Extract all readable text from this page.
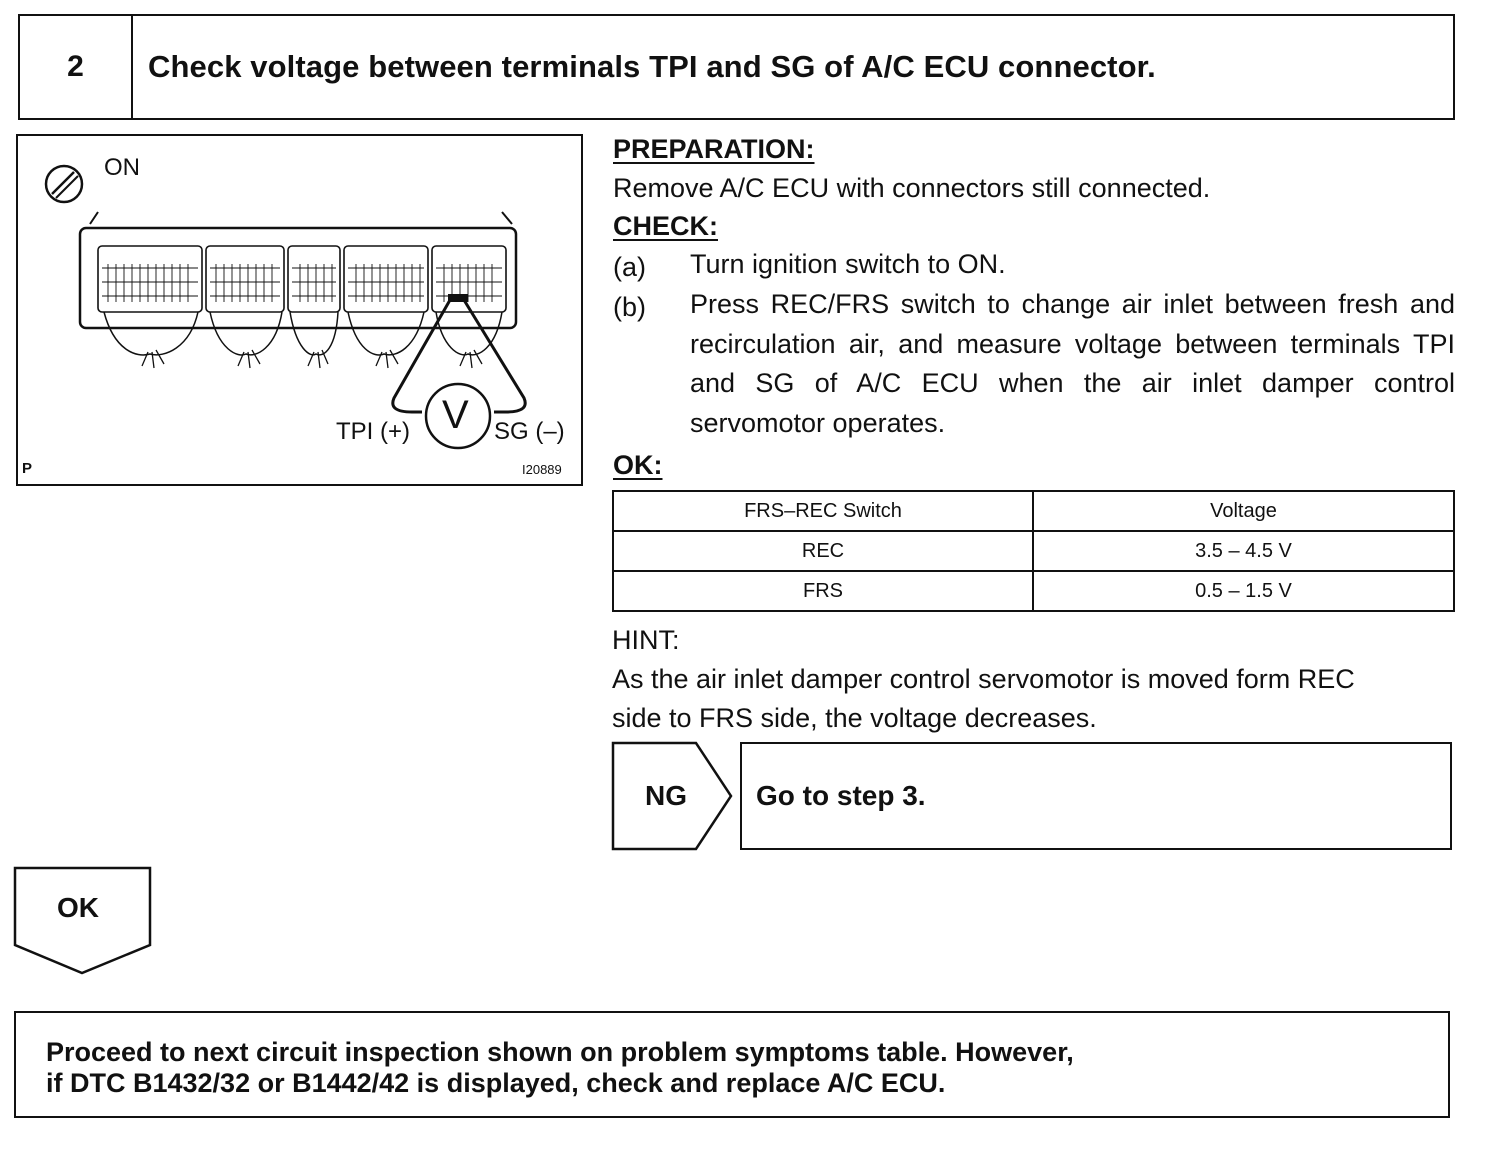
2	Check voltage between terminals TPI and SG of A/C ECU connector.
ON
V
TPI (+)	SG (–)
P	I20889
PREPARATION:
Remove A/C ECU with connectors still connected.
CHECK:
(a) Turn ignition switch to ON.
(b) Press REC/FRS switch to change air inlet between fresh and recirculation air, and measure voltage between terminals TPI and SG of A/C ECU when the air inlet damper control servomotor operates.
OK:
FRS–REC Switch	Voltage
REC	3.5 – 4.5 V
FRS	0.5 – 1.5 V
HINT:
As the air inlet damper control servomotor is moved form REC
side to FRS side, the voltage decreases.
NG Go to step 3.
OK
Proceed to next circuit inspection shown on problem symptoms table. However,
if DTC B1432/32 or B1442/42 is displayed, check and replace A/C ECU.
